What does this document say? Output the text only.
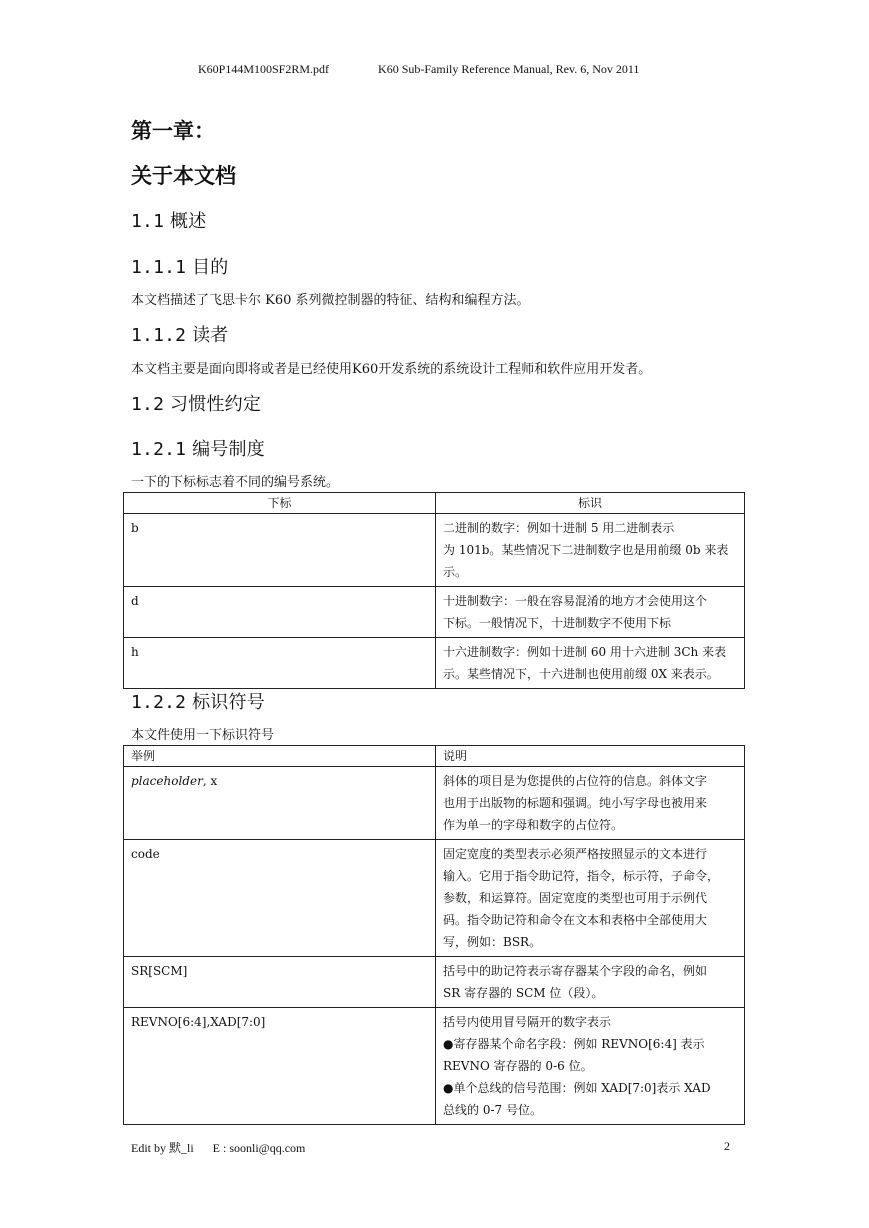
K60P144M100SF2RM.pdf	K60 Sub-Family Reference Manual, Rev. 6, Nov 2011
第一章：
关于本文档
1.1 概述
1.1.1 目的
本文档描述了飞思卡尔 K60 系列微控制器的特征、结构和编程方法。
1.1.2 读者
本文档主要是面向即将或者是已经使用K60开发系统的系统设计工程师和软件应用开发者。
1.2 习惯性约定
1.2.1 编号制度
一下的下标标志着不同的编号系统。
下标	标识
b	二进制的数字：例如十进制 5 用二进制表示
为 101b。某些情况下二进制数字也是用前缀 0b 来表
示。

d	十进制数字：一般在容易混淆的地方才会使用这个
下标。一般情况下，十进制数字不使用下标

h	十六进制数字：例如十进制 60 用十六进制 3Ch 来表
示。某些情况下，十六进制也使用前缀 0X 来表示。
1.2.2 标识符号
本文件使用一下标识符号
举例	说明
placeholder, x	斜体的项目是为您提供的占位符的信息。斜体文字
也用于出版物的标题和强调。纯小写字母也被用来
作为单一的字母和数字的占位符。

code	固定宽度的类型表示必须严格按照显示的文本进行
输入。它用于指令助记符，指令，标示符，子命令，
参数，和运算符。固定宽度的类型也可用于示例代
码。指令助记符和命令在文本和表格中全部使用大
写，例如：BSR。

SR[SCM]	括号中的助记符表示寄存器某个字段的命名，例如
SR 寄存器的 SCM 位（段）。

REVNO[6:4],XAD[7:0]	括号内使用冒号隔开的数字表示
●寄存器某个命名字段：例如 REVNO[6:4] 表示
REVNO 寄存器的 0-6 位。
●单个总线的信号范围：例如 XAD[7:0]表示 XAD
总线的 0-7 号位。
Edit by 默_li E : soonli@qq.com	2
